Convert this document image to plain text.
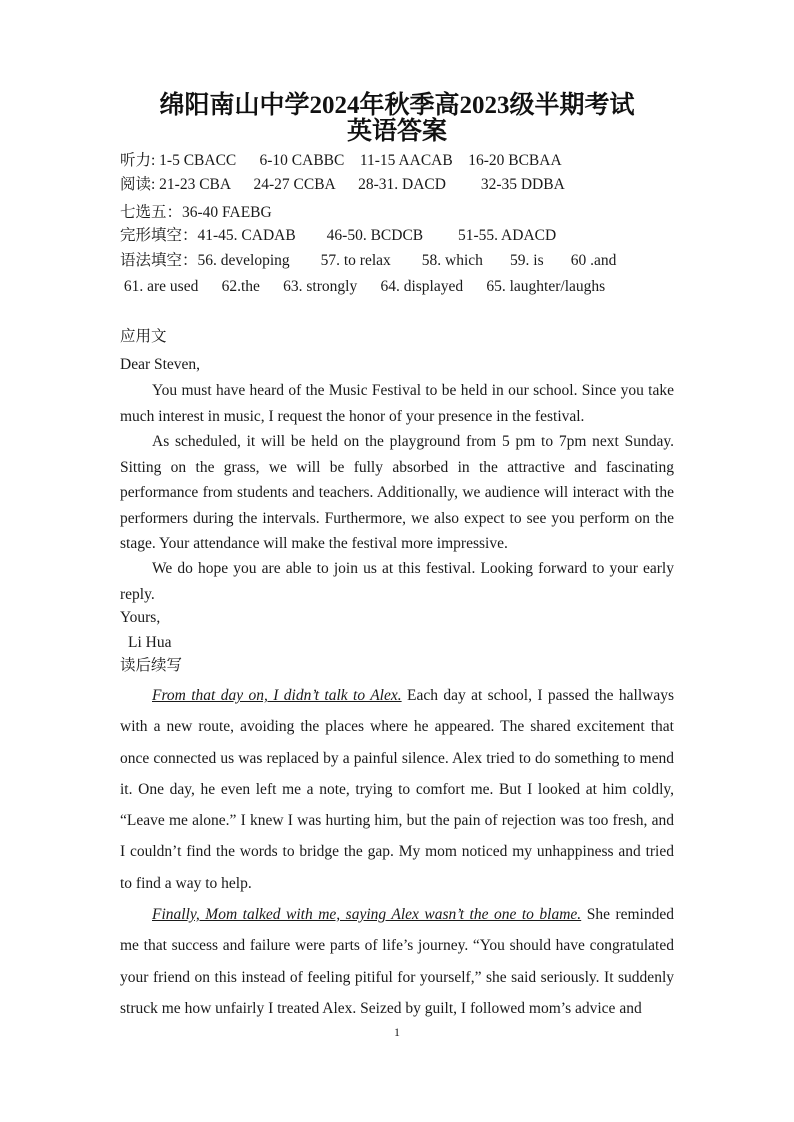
绵阳南山中学2024年秋季高2023级半期考试
英语答案
听力: 1-5 CBACC      6-10 CABBC    11-15 AACAB    16-20 BCBAA
阅读: 21-23 CBA      24-27 CCBA      28-31. DACD         32-35 DDBA
七选五：36-40 FAEBG
完形填空：41-45. CADAB        46-50. BCDCB         51-55. ADACD
语法填空：56. developing        57. to relax        58. which       59. is       60 .and
61. are used      62.the      63. strongly      64. displayed      65. laughter/laughs
应用文
Dear Steven,
You must have heard of the Music Festival to be held in our school. Since you take much interest in music, I request the honor of your presence in the festival.
As scheduled, it will be held on the playground from 5 pm to 7pm next Sunday. Sitting on the grass, we will be fully absorbed in the attractive and fascinating performance from students and teachers. Additionally, we audience will interact with the performers during the intervals. Furthermore, we also expect to see you perform on the stage. Your attendance will make the festival more impressive.
We do hope you are able to join us at this festival. Looking forward to your early reply.
Yours,
Li Hua
读后续写
From that day on, I didn’t talk to Alex. Each day at school, I passed the hallways with a new route, avoiding the places where he appeared. The shared excitement that once connected us was replaced by a painful silence. Alex tried to do something to mend it. One day, he even left me a note, trying to comfort me. But I looked at him coldly, “Leave me alone.” I knew I was hurting him, but the pain of rejection was too fresh, and I couldn’t find the words to bridge the gap. My mom noticed my unhappiness and tried to find a way to help.
Finally, Mom talked with me, saying Alex wasn’t the one to blame. She reminded me that success and failure were parts of life’s journey. “You should have congratulated your friend on this instead of feeling pitiful for yourself,” she said seriously. It suddenly struck me how unfairly I treated Alex. Seized by guilt, I followed mom’s advice and
1
